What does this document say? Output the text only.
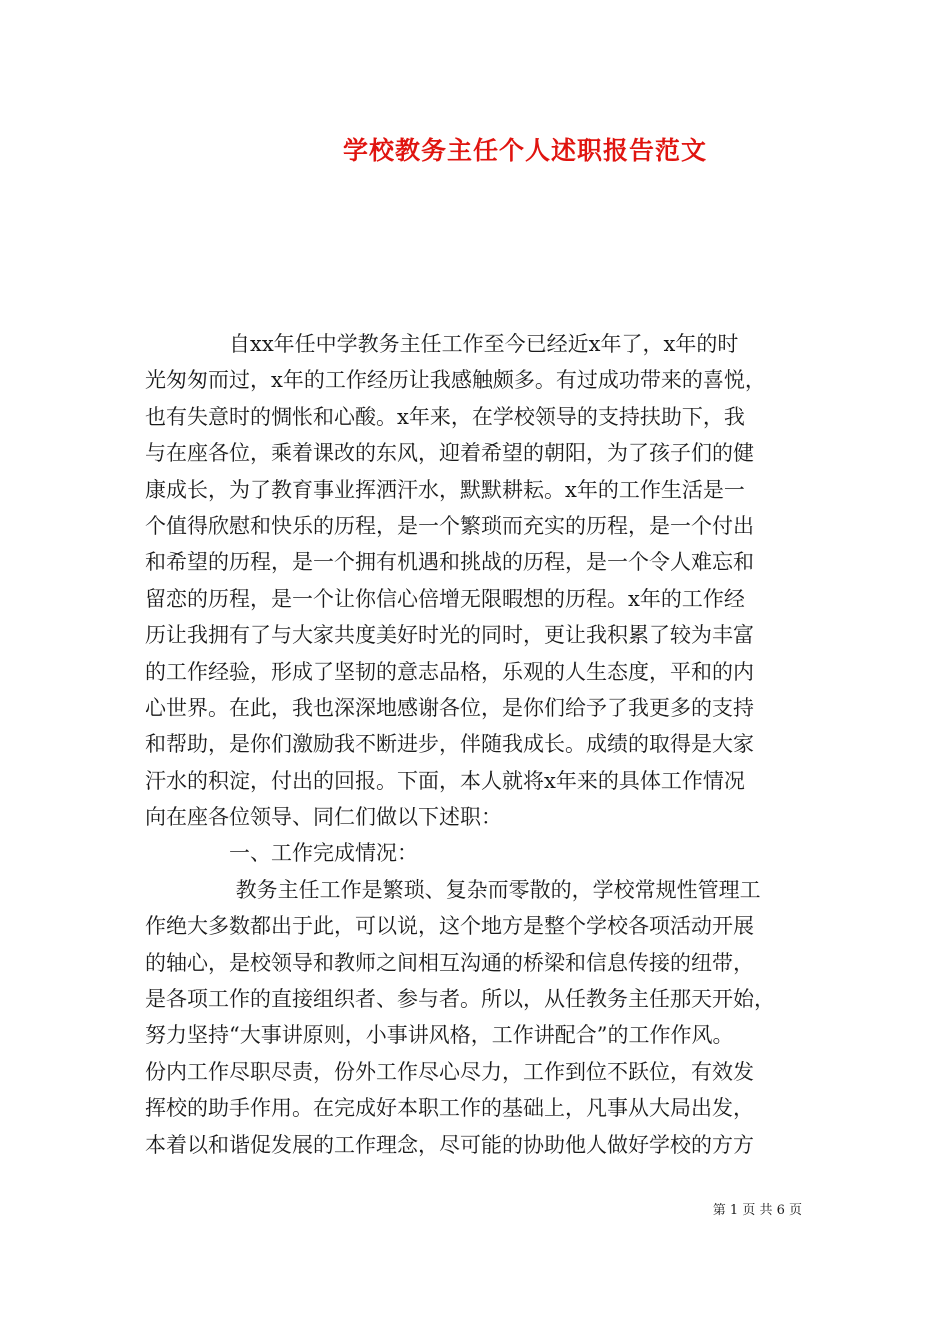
学校教务主任个人述职报告范文
　　　　自xx年任中学教务主任工作至今已经近x年了，x年的时
光匆匆而过，x年的工作经历让我感触颇多。有过成功带来的喜悦，
也有失意时的惆怅和心酸。x年来，在学校领导的支持扶助下，我
与在座各位，乘着课改的东风，迎着希望的朝阳，为了孩子们的健
康成长，为了教育事业挥洒汗水，默默耕耘。x年的工作生活是一
个值得欣慰和快乐的历程，是一个繁琐而充实的历程，是一个付出
和希望的历程，是一个拥有机遇和挑战的历程，是一个令人难忘和
留恋的历程，是一个让你信心倍增无限暇想的历程。x年的工作经
历让我拥有了与大家共度美好时光的同时，更让我积累了较为丰富
的工作经验，形成了坚韧的意志品格，乐观的人生态度，平和的内
心世界。在此，我也深深地感谢各位，是你们给予了我更多的支持
和帮助，是你们激励我不断进步，伴随我成长。成绩的取得是大家
汗水的积淀，付出的回报。下面，本人就将x年来的具体工作情况
向在座各位领导、同仁们做以下述职：
　　　　一、工作完成情况：
　　　　 教务主任工作是繁琐、复杂而零散的，学校常规性管理工
作绝大多数都出于此，可以说，这个地方是整个学校各项活动开展
的轴心，是校领导和教师之间相互沟通的桥梁和信息传接的纽带，
是各项工作的直接组织者、参与者。所以，从任教务主任那天开始，
努力坚持“大事讲原则，小事讲风格，工作讲配合”的工作作风。
份内工作尽职尽责，份外工作尽心尽力，工作到位不跃位，有效发
挥校的助手作用。在完成好本职工作的基础上，凡事从大局出发，
本着以和谐促发展的工作理念，尽可能的协助他人做好学校的方方
第 1 页 共 6 页
